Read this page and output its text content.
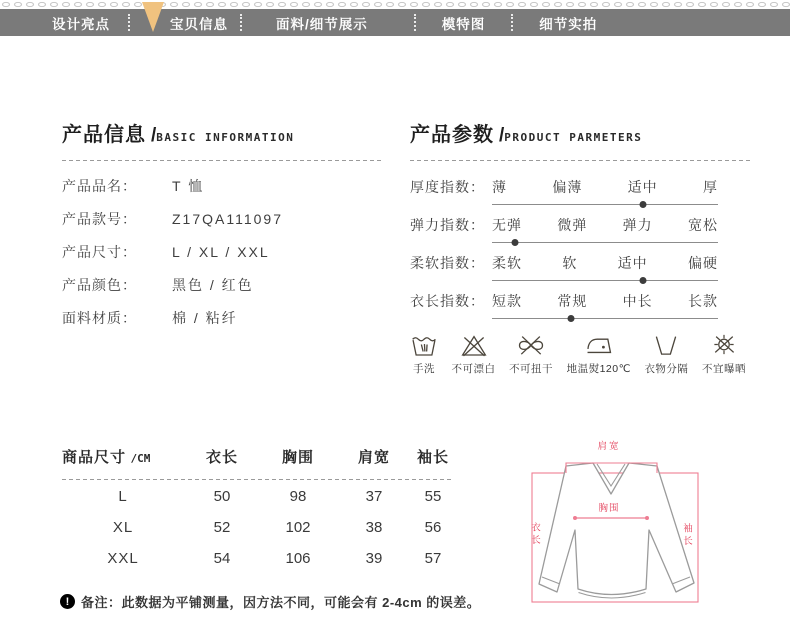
设计亮点	宝贝信息	面料/细节展示	模特图	细节实拍
产品信息 / BASIC INFORMATION
产品品名：	T 恤
产品款号：	Z17QA111097
产品尺寸：	L / XL / XXL
产品颜色：	黑色 / 红色
面料材质：	棉 / 粘纤
产品参数 / PRODUCT PARMETERS
厚度指数： 薄	偏薄	适中	厚
弹力指数： 无弹	微弹	弹力	宽松
柔软指数： 柔软	软	适中	偏硬
衣长指数： 短款	常规	中长	长款
手洗 不可漂白 不可扭干 地温熨120℃ 衣物分隔 不宜曝晒
商品尺寸 /CM	衣长	胸围	肩宽	袖长
L	50	98	37	55
XL	52	102	38	56
XXL	54	106	39	57
! 备注：此数据为平铺测量，因方法不同，可能会有 2-4cm 的误差。
肩宽
衣长
胸围
袖长
